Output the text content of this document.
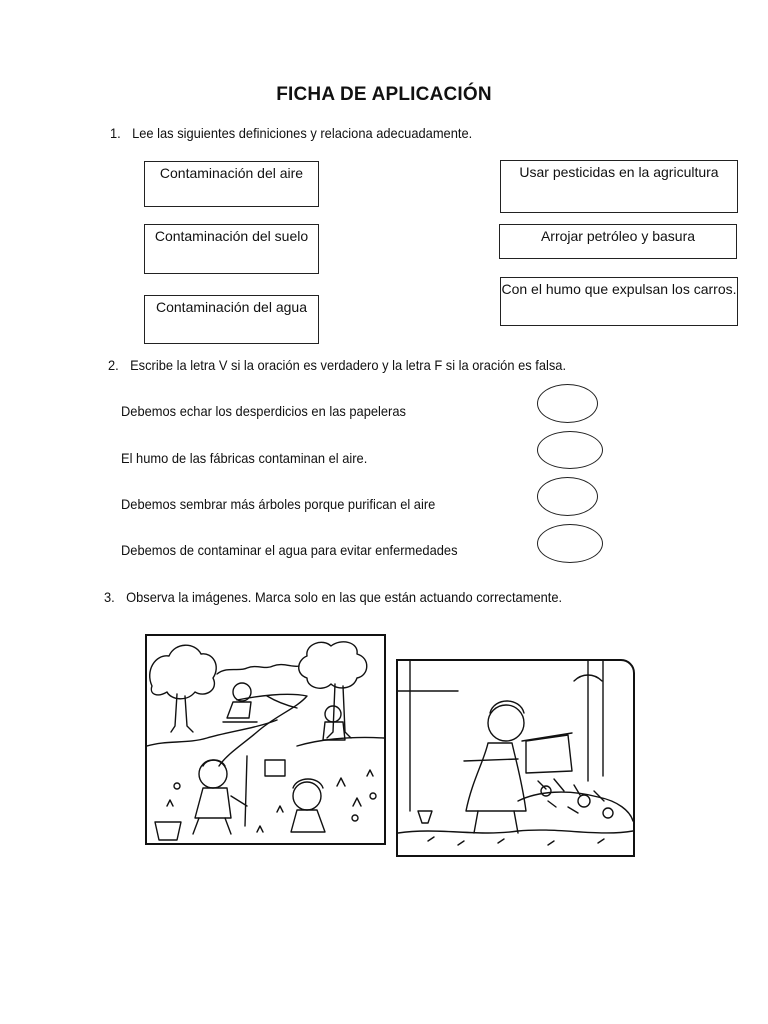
FICHA DE APLICACIÓN
1. Lee las siguientes definiciones y relaciona adecuadamente.
Contaminación del aire
Contaminación del suelo
Contaminación del agua
Usar pesticidas en la agricultura
Arrojar petróleo y basura
Con el humo que expulsan los carros.
2. Escribe la letra V si la oración es verdadero y la letra F si la oración es falsa.
Debemos echar los desperdicios en las papeleras
El humo de las fábricas contaminan el aire.
Debemos sembrar más árboles porque purifican el aire
Debemos de contaminar el agua para evitar enfermedades
3. Observa la imágenes. Marca solo en las que están actuando correctamente.
